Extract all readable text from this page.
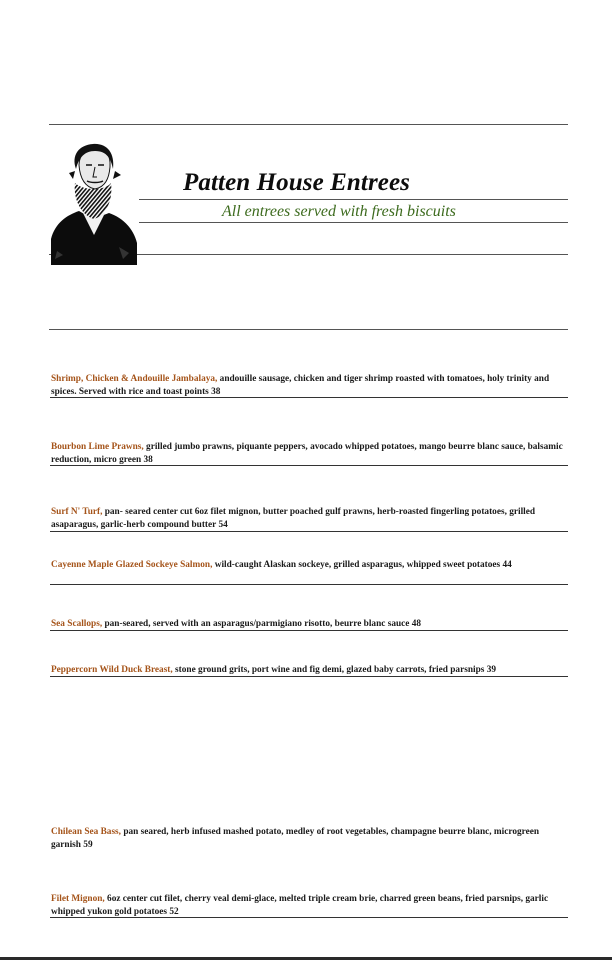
Patten House Entrees
All entrees served with fresh biscuits
Shrimp, Chicken & Andouille Jambalaya, andouille sausage, chicken and tiger shrimp roasted with tomatoes, holy trinity and spices. Served with rice and toast points 38
Bourbon Lime Prawns, grilled jumbo prawns, piquante peppers, avocado whipped potatoes, mango beurre blanc sauce, balsamic reduction, micro green 38
Surf N' Turf, pan- seared center cut 6oz filet mignon, butter poached gulf prawns, herb-roasted fingerling potatoes, grilled asaparagus, garlic-herb compound butter 54
Cayenne Maple Glazed Sockeye Salmon, wild-caught Alaskan sockeye, grilled asparagus, whipped sweet potatoes 44
Sea Scallops, pan-seared, served with an asparagus/parmigiano risotto, beurre blanc sauce 48
Peppercorn Wild Duck Breast, stone ground grits, port wine and fig demi, glazed baby carrots, fried parsnips 39
Chilean Sea Bass, pan seared, herb infused mashed potato, medley of root vegetables, champagne beurre blanc, microgreen garnish 59
Filet Mignon, 6oz center cut filet, cherry veal demi-glace, melted triple cream brie, charred green beans, fried parsnips, garlic whipped yukon gold potatoes 52
